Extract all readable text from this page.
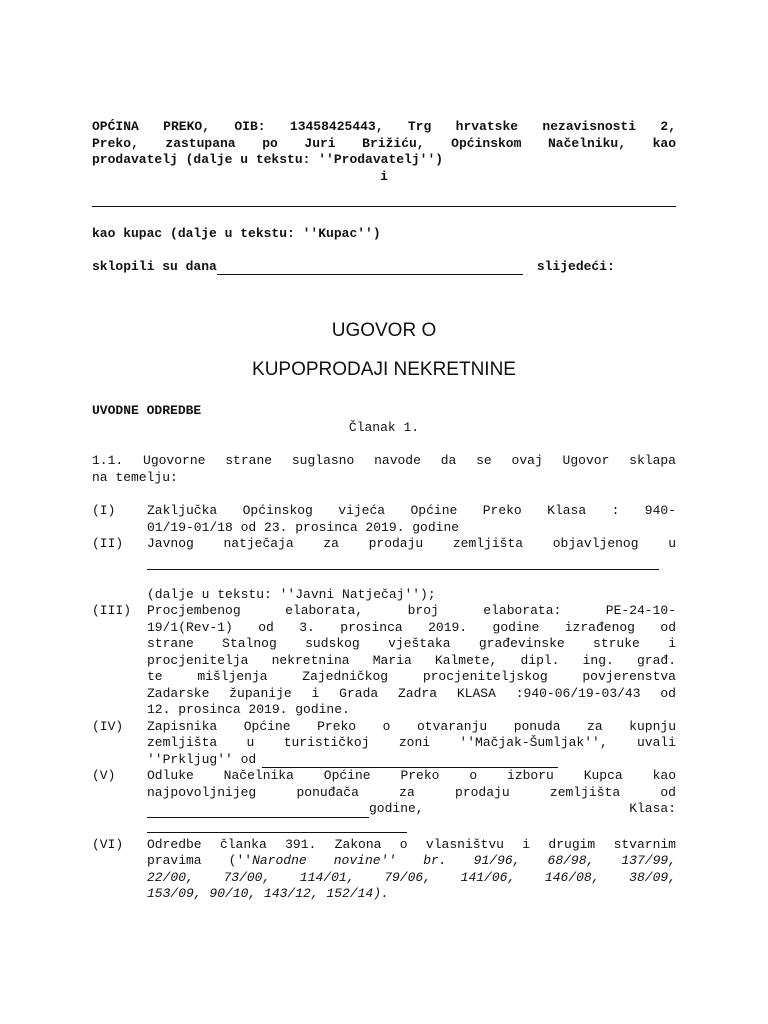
OPĆINA PREKO, OIB: 13458425443, Trg hrvatske nezavisnosti 2,
Preko, zastupana po Juri Brižiću, Općinskom Načelniku, kao
prodavatelj (dalje u tekstu: ''Prodavatelj'')
i
kao kupac (dalje u tekstu: ''Kupac'')
sklopili su dana	slijedeći:
UGOVOR O
KUPOPRODAJI NEKRETNINE
UVODNE ODREDBE
Članak 1.
1.1. Ugovorne strane suglasno navode da se ovaj Ugovor sklapa
na temelju:
(I)	Zaključka Općinskog vijeća Općine Preko Klasa : 940-
01/19-01/18 od 23. prosinca 2019. godine
(II)	Javnog natječaja za prodaju zemljišta objavljenog u
(dalje u tekstu: ''Javni Natječaj'');
(III)	Procjembenog elaborata, broj elaborata: PE-24-10-
19/1(Rev-1) od 3. prosinca 2019. godine izrađenog od
strane Stalnog sudskog vještaka građevinske struke i
procjenitelja nekretnina Maria Kalmete, dipl. ing. građ.
te mišljenja Zajedničkog procjeniteljskog povjerenstva
Zadarske županije i Grada Zadra KLASA :940-06/19-03/43 od
12. prosinca 2019. godine.
(IV)	Zapisnika Općine Preko o otvaranju ponuda za kupnju
zemljišta u turističkoj zoni ''Mačjak-Šumljak'', uvali
''Prkljug'' od
(V)	Odluke Načelnika Općine Preko o izboru Kupca kao
najpovoljnijeg ponuđača za prodaju zemljišta od
godine,	Klasa:
(VI)	Odredbe članka 391. Zakona o vlasništvu i drugim stvarnim
pravima (''Narodne novine'' br. 91/96, 68/98, 137/99,
22/00, 73/00, 114/01, 79/06, 141/06, 146/08, 38/09,
153/09, 90/10, 143/12, 152/14).
